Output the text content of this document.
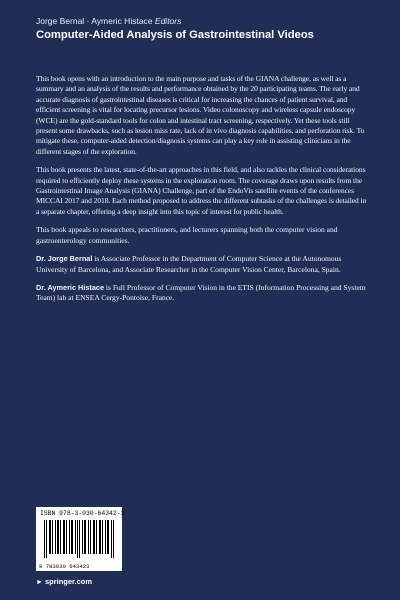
Jorge Bernal · Aymeric Histace Editors
Computer-Aided Analysis of Gastrointestinal Videos

This book opens with an introduction to the main purpose and tasks of the GIANA challenge, as well as a summary and an analysis of the results and performance obtained by the 20 participating teams. The early and accurate diagnosis of gastrointestinal diseases is critical for increasing the chances of patient survival, and efficient screening is vital for locating precursor lesions. Video colonoscopy and wireless capsule endoscopy (WCE) are the gold-standard tools for colon and intestinal tract screening, respectively. Yet these tools still present some drawbacks, such as lesion miss rate, lack of in vivo diagnosis capabilities, and perforation risk. To mitigate these, computer-aided detection/diagnosis systems can play a key role in assisting clinicians in the different stages of the exploration.

This book presents the latest, state-of-the-art approaches in this field, and also tackles the clinical considerations required to efficiently deploy these systems in the exploration room. The coverage draws upon results from the Gastrointestinal Image Analysis (GIANA) Challenge, part of the EndoVis satellite events of the conferences MICCAI 2017 and 2018. Each method proposed to address the different subtasks of the challenges is detailed in a separate chapter, offering a deep insight into this topic of interest for public health.

This book appeals to researchers, practitioners, and lecturers spanning both the computer vision and gastroenterology communities.

Dr. Jorge Bernal is Associate Professor in the Department of Computer Science at the Autonomous University of Barcelona, and Associate Researcher in the Computer Vision Center, Barcelona, Spain.

Dr. Aymeric Histace is Full Professor of Computer Vision in the ETIS (Information Processing and System Team) lab at ENSEA Cergy-Pontoise, France.

ISBN 978-3-030-64342-3
9 783030 643423
► springer.com
